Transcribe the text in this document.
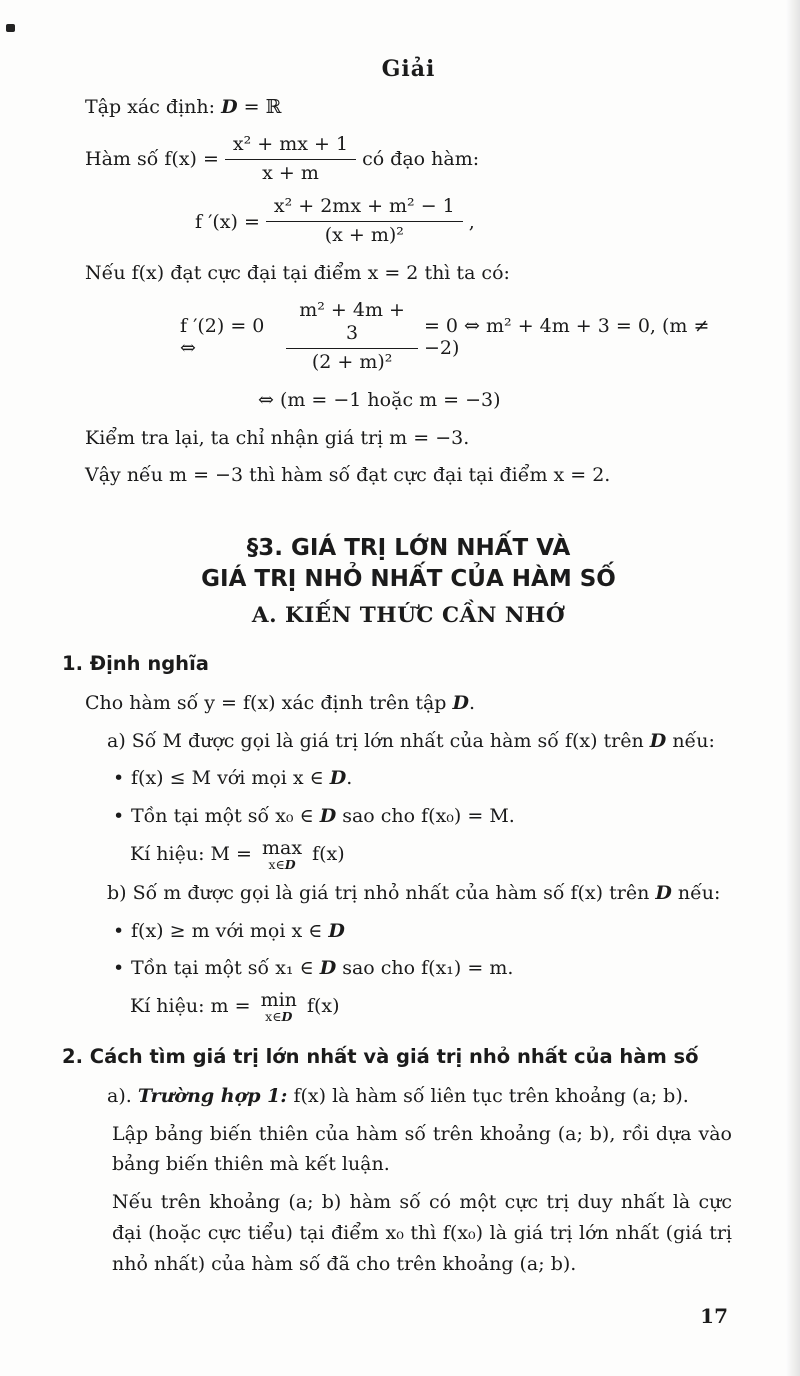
Giải

Tập xác định: D = ℝ

Hàm số $f(x) = \frac{\text{x² + mx + 1}}{x + m}$ có đạo hàm:
f $'(x) = \frac{\text{x² + 2mx + m² − 1}}{\text{(x + m)²}}$ ,

Nếu f(x) đạt cực đại tại điểm x = 2 thì ta có:

f ′(2) = 0 ⇔	$\frac{\text{m² + 4m + 3}}{\text{(2 + m)²}} = 0$ ⇔ m² + 4m + 3 = 0, (m ≠ −2)

⇔ (m = −1 hoặc m = −3)

Kiểm tra lại, ta chỉ nhận giá trị m = −3.

Vậy nếu m = −3 thì hàm số đạt cực đại tại điểm x = 2.

§3. GIÁ TRỊ LỚN NHẤT VÀ
GIÁ TRỊ NHỎ NHẤT CỦA HÀM SỐ
A. KIẾN THỨC CẦN NHỚ

1. Định nghĩa

Cho hàm số y = f(x) xác định trên tập D.

a) Số M được gọi là giá trị lớn nhất của hàm số f(x) trên D nếu:

• f(x) ≤ M với mọi x ∈ D.

• Tồn tại một số x₀ ∈ D sao cho f(x₀) = M.

Kí hiệu: M = max
x∈D f(x)

b) Số m được gọi là giá trị nhỏ nhất của hàm số f(x) trên D nếu:

• f(x) ≥ m với mọi x ∈ D

• Tồn tại một số x₁ ∈ D sao cho f(x₁) = m.

Kí hiệu: m = min
x∈D f(x)

2. Cách tìm giá trị lớn nhất và giá trị nhỏ nhất của hàm số

a). Trường hợp 1: f(x) là hàm số liên tục trên khoảng (a; b).

Lập bảng biến thiên của hàm số trên khoảng (a; b), rồi dựa vào bảng biến thiên mà kết luận.

Nếu trên khoảng (a; b) hàm số có một cực trị duy nhất là cực đại (hoặc cực tiểu) tại điểm x₀ thì f(x₀) là giá trị lớn nhất (giá trị nhỏ nhất) của hàm số đã cho trên khoảng (a; b).

17
